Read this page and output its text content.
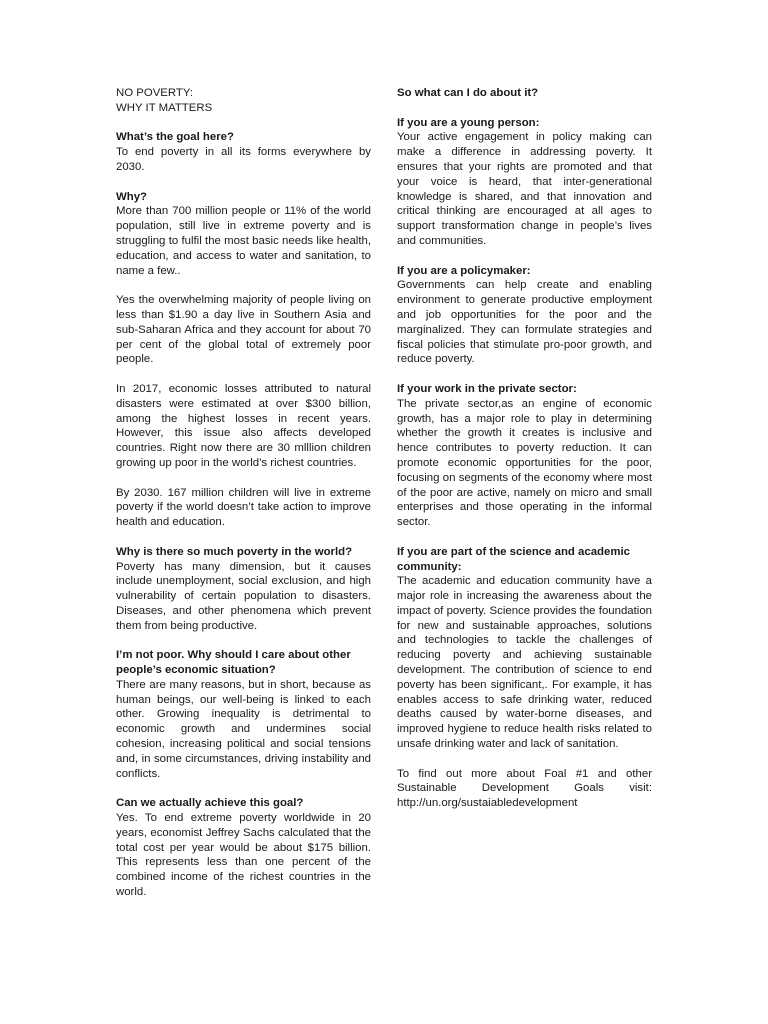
NO POVERTY:
WHY IT MATTERS
What’s the goal here?
To end poverty in all its forms everywhere by 2030.
Why?
More than 700 million people or 11% of the world population, still live in extreme poverty and is struggling to fulfil the most basic needs like health, education, and access to water and sanitation, to name a few..
Yes the overwhelming majority of people living on less than $1.90 a day live in Southern Asia and sub-Saharan Africa and they account for about 70 per cent of the global total of extremely poor people.
In 2017, economic losses attributed to natural disasters were estimated at over $300 billion, among the highest losses in recent years. However, this issue also affects developed countries. Right now there are 30 mlllion children growing up poor in the world’s richest countries.
By 2030. 167 million children will live in extreme poverty if the world doesn’t take action to improve health and education.
Why is there so much poverty in the world?
Poverty has many dimension, but it causes include unemployment, social exclusion, and high vulnerability of certain population to disasters. Diseases, and other phenomena which prevent them from being productive.
I’m not poor. Why should I care about other people’s economic situation?
There are many reasons, but in short, because as human beings, our well-being is linked to each other. Growing inequality is detrimental to economic growth and undermines social cohesion, increasing political and social tensions and, in some circumstances, driving instability and conflicts.
Can we actually achieve this goal?
Yes. To end extreme poverty worldwide in 20 years, economist Jeffrey Sachs calculated that the total cost per year would be about $175 billion. This represents less than one percent of the combined income of the richest countries in the world.
So what can I do about it?
If you are a young person:
Your active engagement in policy making can make a difference in addressing poverty. It ensures that your rights are promoted and that your voice is heard, that inter-generational knowledge is shared, and that innovation and critical thinking are encouraged at all ages to support transformation change in people’s lives and communities.
If you are a policymaker:
Governments can help create and enabling environment to generate productive employment and job opportunities for the poor and the marginalized. They can formulate strategies and fiscal policies that stimulate pro-poor growth, and reduce poverty.
If your work in the private sector:
The private sector,as an engine of economic growth, has a major role to play in determining whether the growth it creates is inclusive and hence contributes to poverty reduction. It can promote economic opportunities for the poor, focusing on segments of the economy where most of the poor are active, namely on micro and small enterprises and those operating in the informal sector.
If you are part of the science and academic community:
The academic and education community have a major role in increasing the awareness about the impact of poverty. Science provides the foundation for new and sustainable approaches, solutions and technologies to tackle the challenges of reducing poverty and achieving sustainable development. The contribution of science to end poverty has been significant,. For example, it has enables access to safe drinking water, reduced deaths caused by water-borne diseases, and improved hygiene to reduce health risks related to unsafe drinking water and lack of sanitation.
To find out more about Foal #1 and other Sustainable Development Goals visit: http://un.org/sustaiabledevelopment
